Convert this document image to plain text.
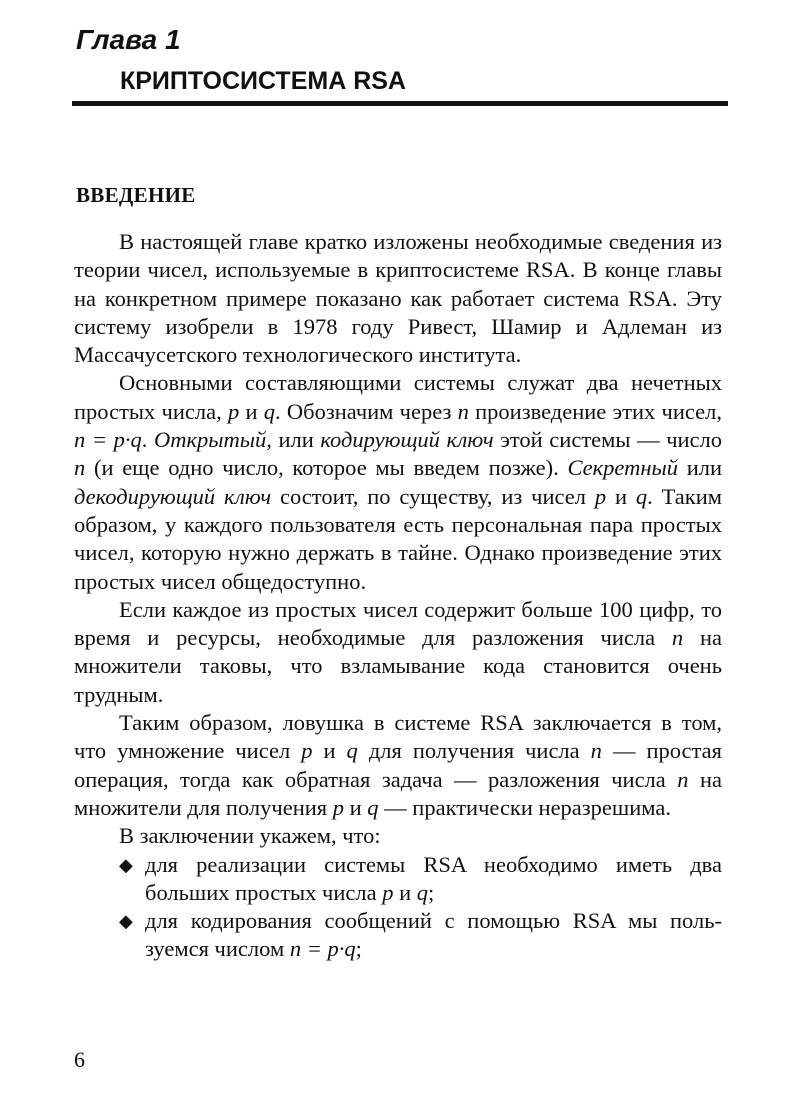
Глава 1
КРИПТОСИСТЕМА RSA
ВВЕДЕНИЕ

В настоящей главе кратко изложены необходимые сведения из теории чисел, используемые в криптосистеме RSA. В конце главы на конкретном примере показано как работает система RSA. Эту систему изобрели в 1978 году Ривест, Шамир и Адлеман из Массачусетского технологического института.

Основными составляющими системы служат два нечетных простых числа, p и q. Обозначим через n произведение этих чисел, n = p·q. Открытый, или кодирующий ключ этой системы — число n (и еще одно число, которое мы введем позже). Секретный или декодирующий ключ состоит, по существу, из чисел p и q. Таким образом, у каждого пользователя есть персональная пара простых чисел, которую нужно держать в тайне. Однако произведение этих простых чисел общедоступно.

Если каждое из простых чисел содержит больше 100 цифр, то время и ресурсы, необходимые для разложения числа n на множители таковы, что взламывание кода становится очень трудным.

Таким образом, ловушка в системе RSA заключается в том, что умножение чисел p и q для получения числа n — простая операция, тогда как обратная задача — разложения числа n на множители для получения p и q — практически неразрешима.

В заключении укажем, что:

◆ для реализации системы RSA необходимо иметь два больших простых числа p и q;
◆ для кодирования сообщений с помощью RSA мы пользуемся числом n = p·q;

6
